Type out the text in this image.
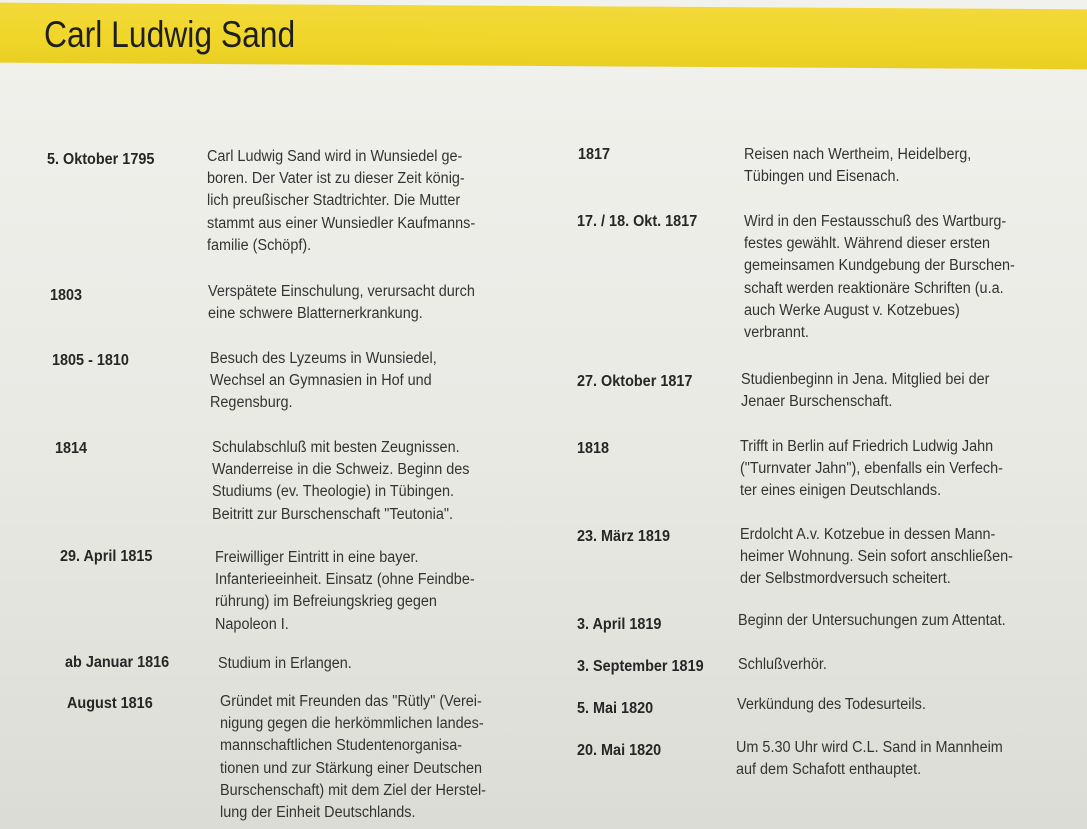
Carl Ludwig Sand
5. Oktober 1795	Carl Ludwig Sand wird in Wunsiedel ge-
boren. Der Vater ist zu dieser Zeit könig-
lich preußischer Stadtrichter. Die Mutter
stammt aus einer Wunsiedler Kaufmanns-
familie (Schöpf).
1803	Verspätete Einschulung, verursacht durch
eine schwere Blatternerkrankung.
1805 - 1810	Besuch des Lyzeums in Wunsiedel,
Wechsel an Gymnasien in Hof und
Regensburg.
1814	Schulabschluß mit besten Zeugnissen.
Wanderreise in die Schweiz. Beginn des
Studiums (ev. Theologie) in Tübingen.
Beitritt zur Burschenschaft "Teutonia".
29. April 1815	Freiwilliger Eintritt in eine bayer.
Infanterieeinheit. Einsatz (ohne Feindbe-
rührung) im Befreiungskrieg gegen
Napoleon I.
ab Januar 1816	Studium in Erlangen.
August 1816	Gründet mit Freunden das "Rütly" (Verei-
nigung gegen die herkömmlichen landes-
mannschaftlichen Studentenorganisa-
tionen und zur Stärkung einer Deutschen
Burschenschaft) mit dem Ziel der Herstel-
lung der Einheit Deutschlands.
1817	Reisen nach Wertheim, Heidelberg,
Tübingen und Eisenach.
17. / 18. Okt. 1817	Wird in den Festausschuß des Wartburg-
festes gewählt. Während dieser ersten
gemeinsamen Kundgebung der Burschen-
schaft werden reaktionäre Schriften (u.a.
auch Werke August v. Kotzebues)
verbrannt.
27. Oktober 1817	Studienbeginn in Jena. Mitglied bei der
Jenaer Burschenschaft.
1818	Trifft in Berlin auf Friedrich Ludwig Jahn
("Turnvater Jahn"), ebenfalls ein Verfech-
ter eines einigen Deutschlands.
23. März 1819	Erdolcht A.v. Kotzebue in dessen Mann-
heimer Wohnung. Sein sofort anschließen-
der Selbstmordversuch scheitert.
3. April 1819	Beginn der Untersuchungen zum Attentat.
3. September 1819 Schlußverhör.
5. Mai 1820	Verkündung des Todesurteils.
20. Mai 1820	Um 5.30 Uhr wird C.L. Sand in Mannheim
auf dem Schafott enthauptet.
